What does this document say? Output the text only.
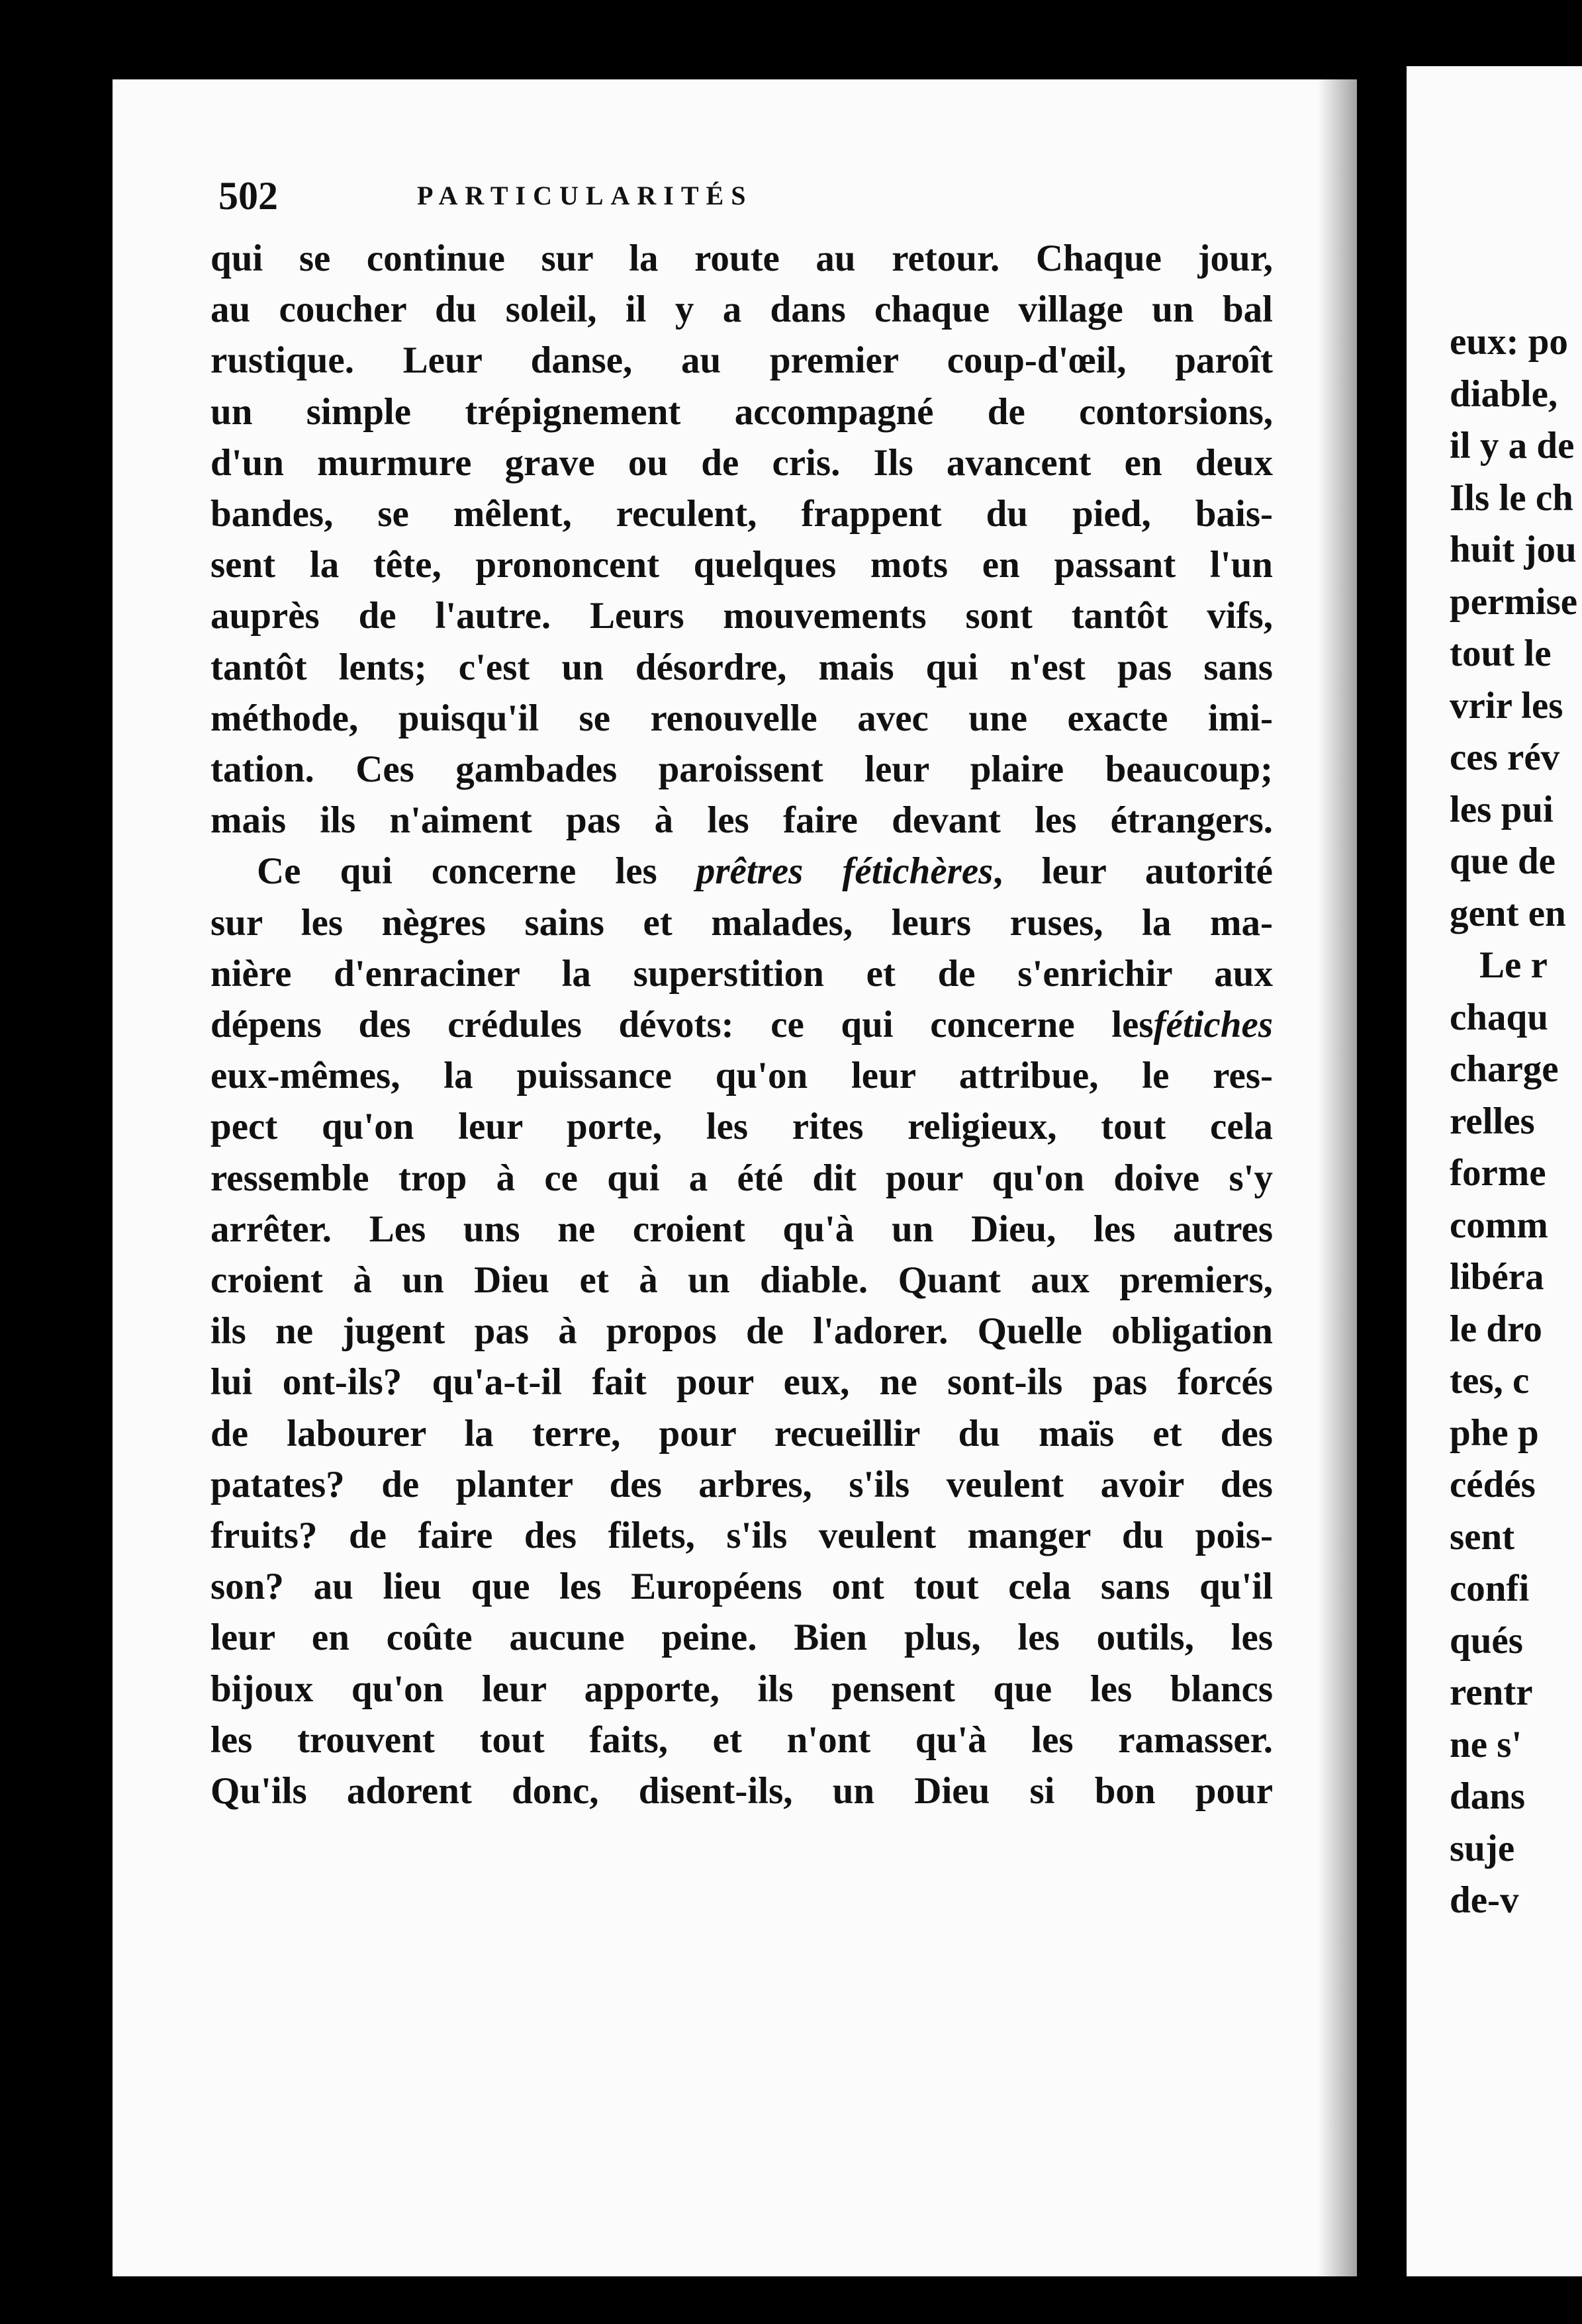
502	PARTICULARITÉS
qui se continue sur la route au retour. Chaque jour,
au coucher du soleil, il y a dans chaque village un bal
rustique. Leur danse, au premier coup-d'œil, paroît
un simple trépignement accompagné de contorsions,
d'un murmure grave ou de cris. Ils avancent en deux
bandes, se mêlent, reculent, frappent du pied, bais-
sent la tête, prononcent quelques mots en passant l'un
auprès de l'autre. Leurs mouvements sont tantôt vifs,
tantôt lents; c'est un désordre, mais qui n'est pas sans
méthode, puisqu'il se renouvelle avec une exacte imi-
tation. Ces gambades paroissent leur plaire beaucoup;
mais ils n'aiment pas à les faire devant les étrangers.
Ce qui concerne les prêtres fétichères, leur autorité
sur les nègres sains et malades, leurs ruses, la ma-
nière d'enraciner la superstition et de s'enrichir aux
dépens des crédules dévots: ce qui concerne lesfétiches
eux-mêmes, la puissance qu'on leur attribue, le res-
pect qu'on leur porte, les rites religieux, tout cela
ressemble trop à ce qui a été dit pour qu'on doive s'y
arrêter. Les uns ne croient qu'à un Dieu, les autres
croient à un Dieu et à un diable. Quant aux premiers,
ils ne jugent pas à propos de l'adorer. Quelle obligation
lui ont-ils? qu'a-t-il fait pour eux, ne sont-ils pas forcés
de labourer la terre, pour recueillir du maïs et des
patates? de planter des arbres, s'ils veulent avoir des
fruits? de faire des filets, s'ils veulent manger du pois-
son? au lieu que les Européens ont tout cela sans qu'il
leur en coûte aucune peine. Bien plus, les outils, les
bijoux qu'on leur apporte, ils pensent que les blancs
les trouvent tout faits, et n'ont qu'à les ramasser.
Qu'ils adorent donc, disent-ils, un Dieu si bon pour
eux: po
diable,
il y a de
Ils le ch
huit jou
permise
tout le
vrir les
ces rév
les pui
que de
gent en
Le r
chaqu
charge
relles
forme
comm
libéra
le dro
tes, c
phe p
cédés
sent
confi
qués
rentr
ne s'
dans
suje
de-v
